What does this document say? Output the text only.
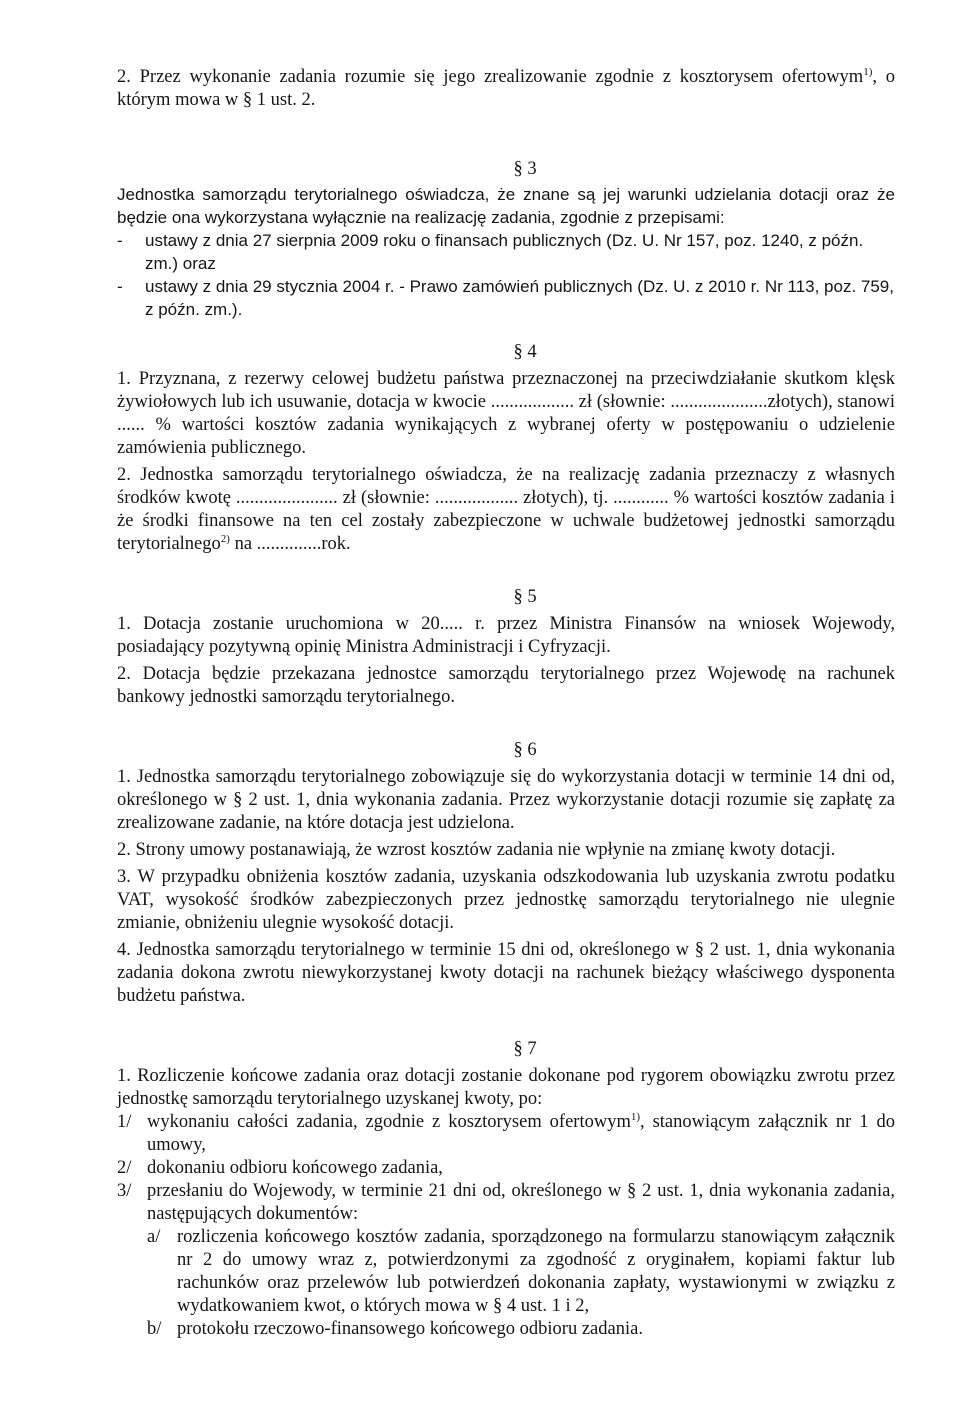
2. Przez wykonanie zadania rozumie się jego zrealizowanie zgodnie z kosztorysem ofertowym$^{1)}$, o którym mowa w § 1 ust. 2.

§ 3

Jednostka samorządu terytorialnego oświadcza, że znane są jej warunki udzielania dotacji oraz że będzie ona wykorzystana wyłącznie na realizację zadania, zgodnie z przepisami:

- ustawy z dnia 27 sierpnia 2009 roku o finansach publicznych (Dz. U. Nr 157, poz. 1240, z późn. zm.) oraz
- ustawy z dnia 29 stycznia 2004 r. - Prawo zamówień publicznych (Dz. U. z 2010 r. Nr 113, poz. 759, z późn. zm.).

§ 4

1. Przyznana, z rezerwy celowej budżetu państwa przeznaczonej na przeciwdziałanie skutkom klęsk żywiołowych lub ich usuwanie, dotacja w kwocie .................. zł (słownie: .....................złotych), stanowi ...... % wartości kosztów zadania wynikających z wybranej oferty w postępowaniu o udzielenie zamówienia publicznego.

2. Jednostka samorządu terytorialnego oświadcza, że na realizację zadania przeznaczy z własnych środków kwotę ...................... zł (słownie: .................. złotych), tj. ............ % wartości kosztów zadania i że środki finansowe na ten cel zostały zabezpieczone w uchwale budżetowej jednostki samorządu terytorialnego$^{2)}$ na ..............rok.

§ 5

1. Dotacja zostanie uruchomiona w 20..... r. przez Ministra Finansów na wniosek Wojewody, posiadający pozytywną opinię Ministra Administracji i Cyfryzacji.

2. Dotacja będzie przekazana jednostce samorządu terytorialnego przez Wojewodę na rachunek bankowy jednostki samorządu terytorialnego.

§ 6

1. Jednostka samorządu terytorialnego zobowiązuje się do wykorzystania dotacji w terminie 14 dni od, określonego w § 2 ust. 1, dnia wykonania zadania. Przez wykorzystanie dotacji rozumie się zapłatę za zrealizowane zadanie, na które dotacja jest udzielona.

2. Strony umowy postanawiają, że wzrost kosztów zadania nie wpłynie na zmianę kwoty dotacji.

3. W przypadku obniżenia kosztów zadania, uzyskania odszkodowania lub uzyskania zwrotu podatku VAT, wysokość środków zabezpieczonych przez jednostkę samorządu terytorialnego nie ulegnie zmianie, obniżeniu ulegnie wysokość dotacji.

4. Jednostka samorządu terytorialnego w terminie 15 dni od, określonego w § 2 ust. 1, dnia wykonania zadania dokona zwrotu niewykorzystanej kwoty dotacji na rachunek bieżący właściwego dysponenta budżetu państwa.

§ 7

1. Rozliczenie końcowe zadania oraz dotacji zostanie dokonane pod rygorem obowiązku zwrotu przez jednostkę samorządu terytorialnego uzyskanej kwoty, po:

1/ wykonaniu całości zadania, zgodnie z kosztorysem ofertowym$^{1)}$, stanowiącym załącznik nr 1 do umowy,
2/ dokonaniu odbioru końcowego zadania,
3/ przesłaniu do Wojewody, w terminie 21 dni od, określonego w § 2 ust. 1, dnia wykonania zadania, następujących dokumentów:
a/ rozliczenia końcowego kosztów zadania, sporządzonego na formularzu stanowiącym załącznik nr 2 do umowy wraz z, potwierdzonymi za zgodność z oryginałem, kopiami faktur lub rachunków oraz przelewów lub potwierdzeń dokonania zapłaty, wystawionymi w związku z wydatkowaniem kwot, o których mowa w § 4 ust. 1 i 2,
b/ protokołu rzeczowo-finansowego końcowego odbioru zadania.
